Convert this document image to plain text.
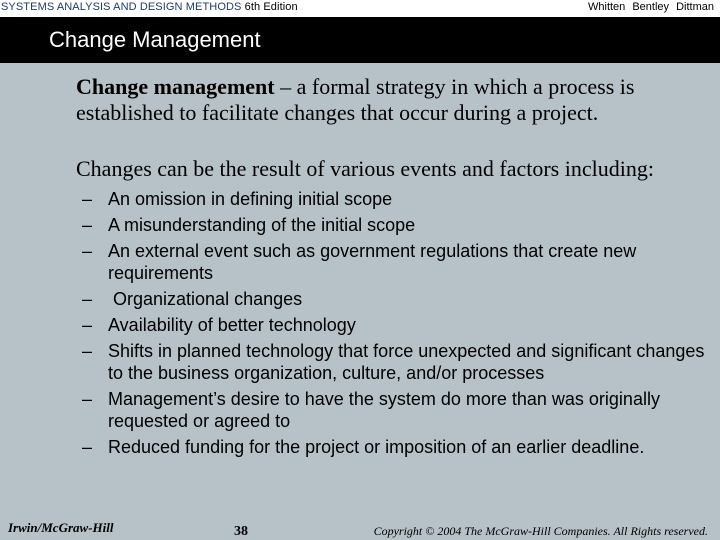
SYSTEMS ANALYSIS AND DESIGN METHODS 6th Edition	Whitten Bentley Dittman
Change Management

Change management – a formal strategy in which a process is established to facilitate changes that occur during a project.

Changes can be the result of various events and factors including:

– An omission in defining initial scope
– A misunderstanding of the initial scope
– An external event such as government regulations that create new requirements
– Organizational changes
– Availability of better technology
– Shifts in planned technology that force unexpected and significant changes to the business organization, culture, and/or processes
– Management’s desire to have the system do more than was originally requested or agreed to
– Reduced funding for the project or imposition of an earlier deadline.
Irwin/McGraw-Hill	38	Copyright © 2004 The McGraw-Hill Companies. All Rights reserved.
